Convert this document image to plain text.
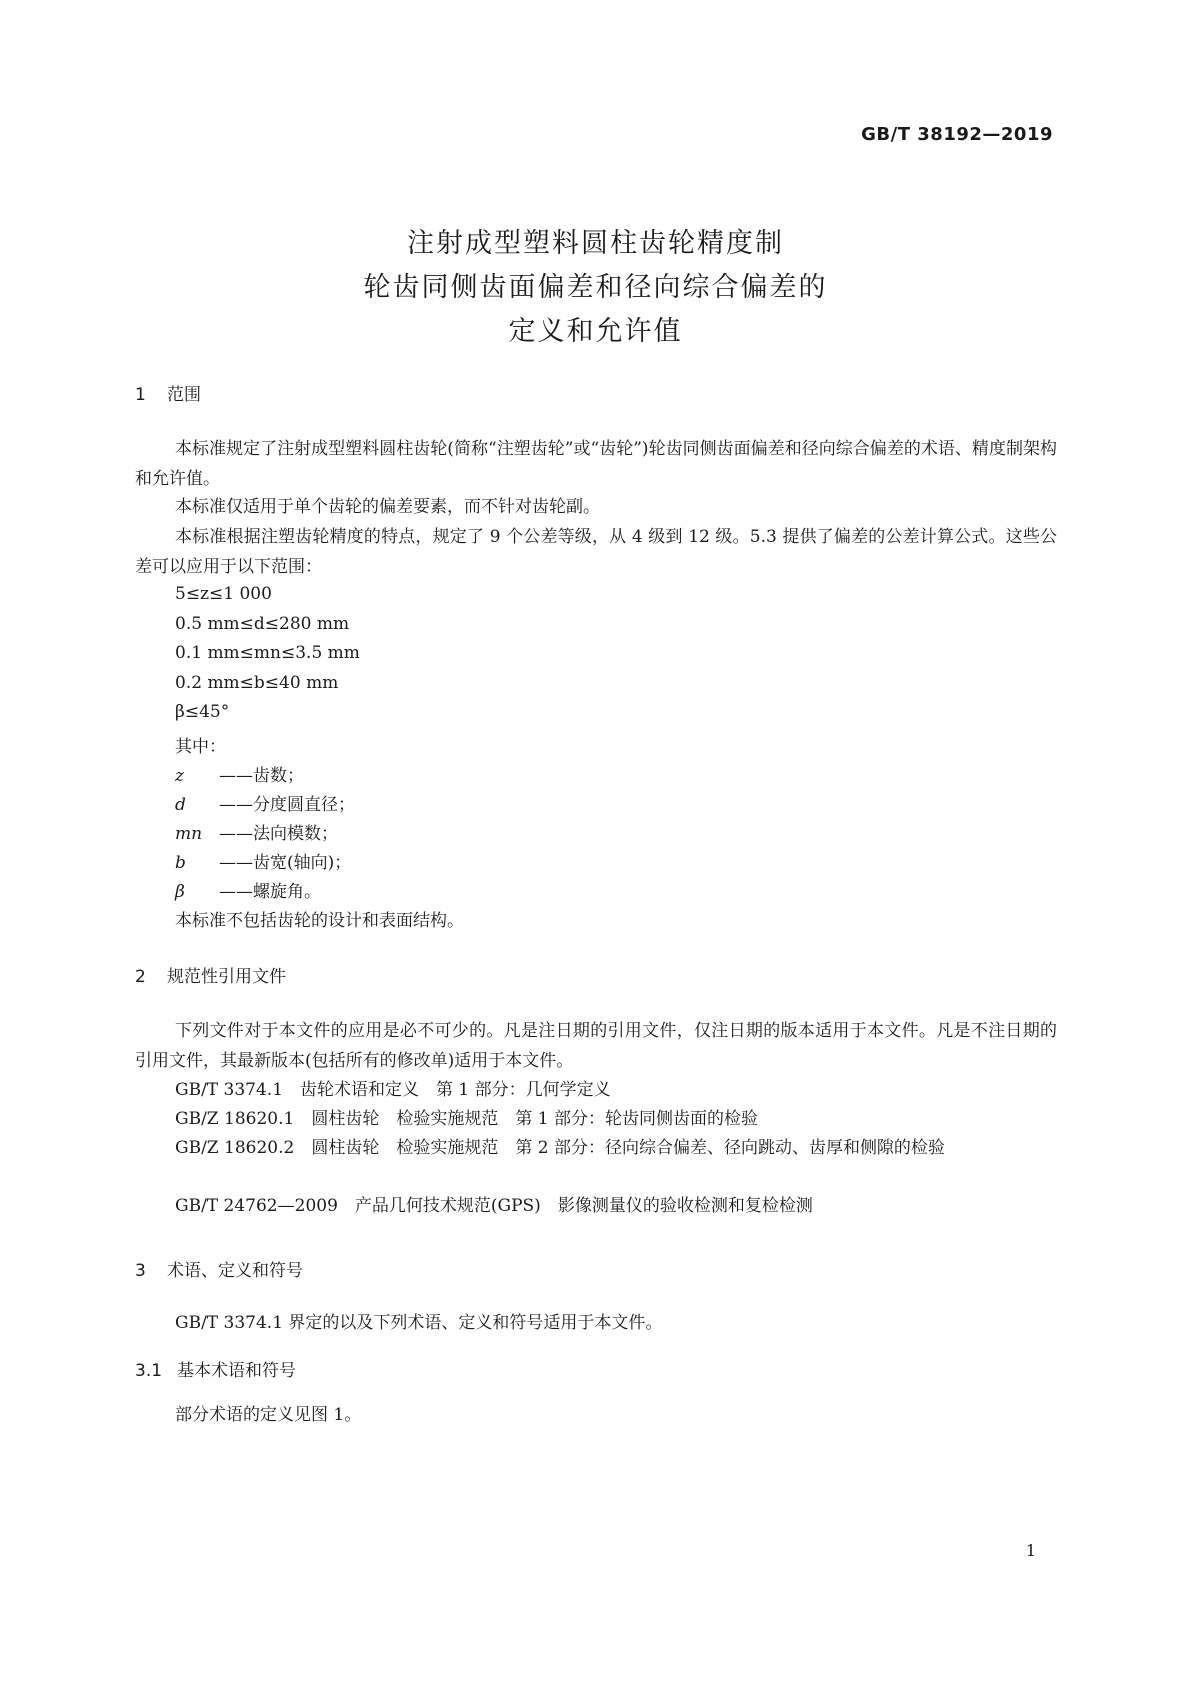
GB/T 38192—2019
注射成型塑料圆柱齿轮精度制
轮齿同侧齿面偏差和径向综合偏差的
定义和允许值
1 范围
本标准规定了注射成型塑料圆柱齿轮(简称“注塑齿轮”或“齿轮”)轮齿同侧齿面偏差和径向综合偏差的术语、精度制架构和允许值。
本标准仅适用于单个齿轮的偏差要素，而不针对齿轮副。
本标准根据注塑齿轮精度的特点，规定了 9 个公差等级，从 4 级到 12 级。5.3 提供了偏差的公差计算公式。这些公差可以应用于以下范围：
5≤z≤1 000
0.5 mm≤d≤280 mm
0.1 mm≤mn≤3.5 mm
0.2 mm≤b≤40 mm
β≤45°
其中：
z ——齿数；
d ——分度圆直径；
mn ——法向模数；
b ——齿宽(轴向)；
β ——螺旋角。
本标准不包括齿轮的设计和表面结构。
2 规范性引用文件
下列文件对于本文件的应用是必不可少的。凡是注日期的引用文件，仅注日期的版本适用于本文件。凡是不注日期的引用文件，其最新版本(包括所有的修改单)适用于本文件。
GB/T 3374.1　齿轮术语和定义　第 1 部分：几何学定义
GB/Z 18620.1　圆柱齿轮　检验实施规范　第 1 部分：轮齿同侧齿面的检验
GB/Z 18620.2　圆柱齿轮　检验实施规范　第 2 部分：径向综合偏差、径向跳动、齿厚和侧隙的检验
GB/T 24762—2009　产品几何技术规范(GPS)　影像测量仪的验收检测和复检检测
3 术语、定义和符号
GB/T 3374.1 界定的以及下列术语、定义和符号适用于本文件。
3.1 基本术语和符号
部分术语的定义见图 1。
1
